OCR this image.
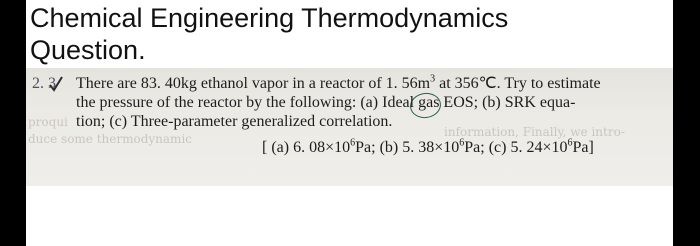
Chemical Engineering Thermodynamics
Question.
proqui
duce some thermodynamic	information, Finally, we intro-
2. 3 There are 83. 40kg ethanol vapor in a reactor of 1. $56m^3$ at 356℃. Try to estimate
the pressure of the reactor by the following: (a) Ideal gas EOS; (b) SRK equa-
tion; (c) Three-parameter generalized correlation.
[ (a) 6. $08\times 10^6Pa$; (b) 5. $38\times 10^6Pa$; (c) 5. $24\times 10^6Pa$]
